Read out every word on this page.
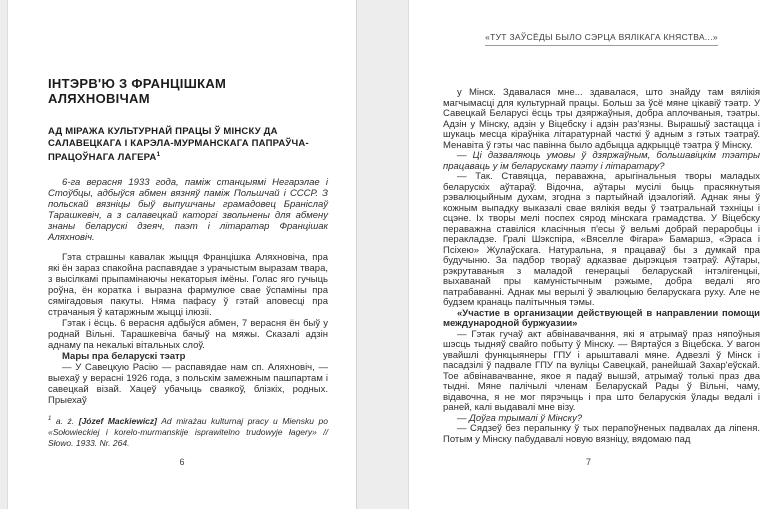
ІНТЭРВ'Ю З ФРАНЦІШКАМ АЛЯХНОВІЧАМ
АД МІРАЖА КУЛЬТУРНАЙ ПРАЦЫ Ў МІНСКУ ДА САЛАВЕЦКАГА І КАРЭЛА-МУРМАНСКАГА ПАПРАЎЧА-ПРАЦОЎНАГА ЛАГЕРА$^1$

6-га верасня 1933 года, паміж станцыямі Негарэлае і Стоўбцы, адбыўся абмен вязняў паміж Польшчай і СССР. З польскай вязніцы быў выпушчаны грамадовец Браніслаў Тарашкевіч, а з салавецкай каторгі звольнены для абмену знаны беларускі дзеяч, паэт і літаратар Францішак Аляхновіч.

Гэта страшны кавалак жыцця Францішка Аляхновіча, пра які ён зараз спакойна распавядае з урачыстым выразам твара, з высілкамі прыпамінаючы некаторыя імёны. Голас яго гучыць роўна, ён коратка і выразна фармулюе свае ўспаміны пра сямігадовыя пакуты. Няма пафасу ў гэтай аповесці пра страчаныя ў катаржным жыцці ілюзіі.

Гэтак і ёсць. 6 верасня адбыўся абмен, 7 верасня ён быў у роднай Вільні. Тарашкевіча бачыў на мяжы. Сказалі адзін аднаму па некалькі вітальных слоў.

Мары пра беларускі тэатр

— У Савецкую Расію — распавядае нам сп. Аляхновіч, — выехаў у верасні 1926 года, з польскім замежным пашпартам і савецкай візай. Хацеў убачыць сваякоў, блізкіх, родных. Прыехаў

$^1$ a. ż. [Józef Mackiewicz] Ad mirażau kulturnaj pracy u Miensku po «Sołowieckiej i korelo-murmanskije isprawitelno trudowyje łagery» // Słowo. 1933. Nr. 264.

6
«ТУТ ЗАЎСЁДЫ БЫЛО СЭРЦА ВЯЛІКАГА КНЯСТВА...»

у Мінск. Здавалася мне... здавалася, што знайду там вялікія магчымасці для культурнай працы. Больш за ўсё мяне цікавіў тэатр. У Савецкай Беларусі ёсць тры дзяржаўныя, добра аплочваныя, тэатры. Адзін у Мінску, адзін у Віцебску і адзін раз'язны. Вырашыў застацца і шукаць месца кіраўніка літаратурнай часткі ў адным з гэтых тэатраў. Менавіта ў гэты час павінна было адбыцца адкрыццё тэатра ў Мінску.

— Ці дазваляюць умовы ў дзяржаўным, большавіцкім тэатры працаваць у ім беларускаму паэту і літаратару?

— Так. Ставяцца, пераважна, арыгінальныя творы маладых беларускіх аўтараў. Відочна, аўтары мусілі быць прасякнутыя рэвалюцыйным духам, згодна з партыйнай ідэалогіяй. Аднак яны ў кожным выпадку выказалі свае вялікія веды ў тэатральнай тэхніцы і сцэне. Іх творы мелі поспех сярод мінскага грамадства. У Віцебску пераважна ставіліся класічныя п'есы ў вельмі добрай пераробцы і перакладзе. Гралі Шэкспіра, «Вяселле Фігара» Бамаршэ, «Эраса і Псіхею» Жулаўскага. Натуральна, я працаваў бы з думкай пра будучыню. За падбор твораў адказвае дырэкцыя тэатраў. Аўтары, рэкрутаваныя з маладой генерацыі беларускай інтэлігенцыі, выхаванай пры камуністычным рэжыме, добра ведалі яго патрабаванні. Аднак мы верылі ў эвалюцыю беларускага руху. Але не будзем кранаць палітычныя тэмы.

«Участие в организации действующей в направлении помощи международной буржуазии»

— Гэтак гучаў акт абвінавачвання, які я атрымаў праз няпоўныя шэсць тыдняў свайго побыту ў Мінску. — Вяртаўся з Віцебска. У вагон увайшлі функцыянеры ГПУ і арыштавалі мяне. Адвезлі ў Мінск і пасадзілі ў падвале ГПУ па вуліцы Савецкай, ранейшай Захар'еўскай. Тое абвінавачванне, якое я падаў вышэй, атрымаў толькі праз два тыдні. Мяне палічылі членам Беларускай Рады ў Вільні, чаму, відавочна, я не мог пярэчыць і пра што беларускія ўлады ведалі і раней, калі выдавалі мне візу.

— Доўга трымалі ў Мінску?

— Сядзеў без перапынку ў тых перапоўненых падвалах да ліпеня. Потым у Мінску пабудавалі новую вязніцу, вядомаю пад

7
